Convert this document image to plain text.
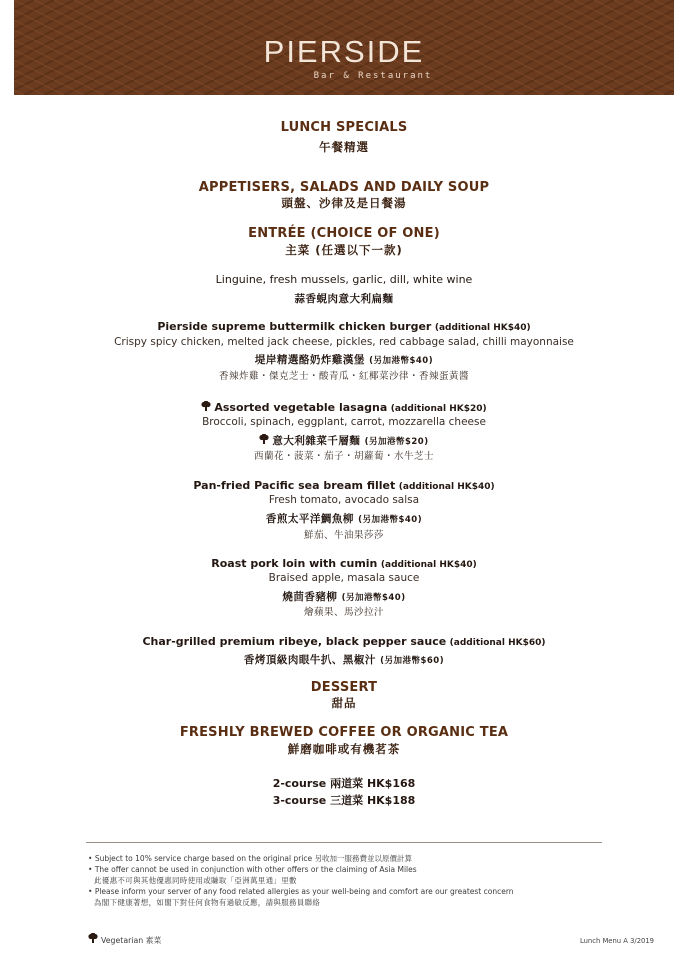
PIERSIDE
Bar & Restaurant
LUNCH SPECIALS
午餐精選
APPETISERS, SALADS AND DAILY SOUP
頭盤、沙律及是日餐湯
ENTRÉE (CHOICE OF ONE)
主菜 (任選以下一款)
Linguine, fresh mussels, garlic, dill, white wine
蒜香蜆肉意大利扁麵
Pierside supreme buttermilk chicken burger (additional HK$40)
Crispy spicy chicken, melted jack cheese, pickles, red cabbage salad, chilli mayonnaise
堤岸精選酪奶炸雞漢堡 (另加港幣$40)
香辣炸雞・傑克芝士・酸青瓜・紅椰菜沙律・香辣蛋黃醬
Assorted vegetable lasagna (additional HK$20)
Broccoli, spinach, eggplant, carrot, mozzarella cheese
意大利雜菜千層麵 (另加港幣$20)
西蘭花・菠菜・茄子・胡蘿蔔・水牛芝士
Pan-fried Pacific sea bream fillet (additional HK$40)
Fresh tomato, avocado salsa
香煎太平洋鯛魚柳 (另加港幣$40)
鮮茄、牛油果莎莎
Roast pork loin with cumin (additional HK$40)
Braised apple, masala sauce
燒茴香豬柳 (另加港幣$40)
燴蘋果、馬沙拉汁
Char-grilled premium ribeye, black pepper sauce (additional HK$60)
香烤頂級肉眼牛扒、黑椒汁 (另加港幣$60)
DESSERT
甜品
FRESHLY BREWED COFFEE OR ORGANIC TEA
鮮磨咖啡或有機茗茶
2-course 兩道菜 HK$168
3-course 三道菜 HK$188
• Subject to 10% service charge based on the original price 另收加一服務費並以原價計算
• The offer cannot be used in conjunction with other offers or the claiming of Asia Miles
此優惠不可與其他優惠同時使用或賺取「亞洲萬里通」里數
• Please inform your server of any food related allergies as your well-being and comfort are our greatest concern
為閣下健康著想，如閣下對任何食物有過敏反應，請與服務員聯絡
Vegetarian 素菜	Lunch Menu A 3/2019
